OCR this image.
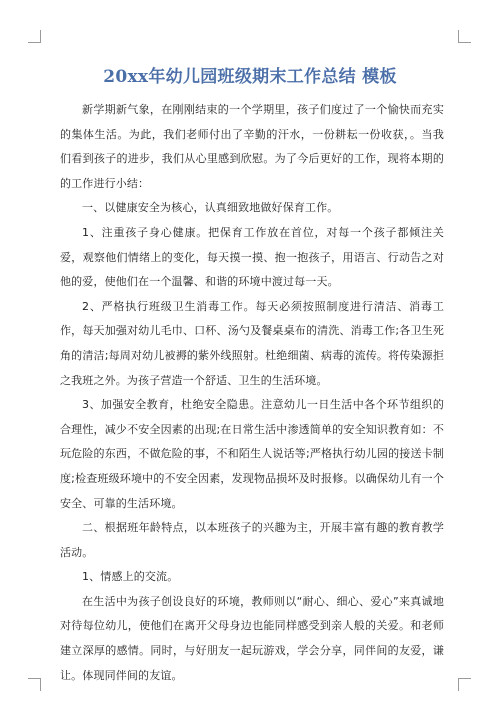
20xx年幼儿园班级期末工作总结 模板

新学期新气象，在刚刚结束的一个学期里，孩子们度过了一个愉快而充实的集体生活。为此，我们老师付出了辛勤的汗水，一份耕耘一份收获，。当我们看到孩子的进步，我们从心里感到欣慰。为了今后更好的工作，现将本期的的工作进行小结：

一、以健康安全为核心，认真细致地做好保育工作。

1、注重孩子身心健康。把保育工作放在首位，对每一个孩子都倾注关爱，观察他们情绪上的变化，每天摸一摸、抱一抱孩子，用语言、行动告之对他的爱，使他们在一个温馨、和谐的环境中渡过每一天。

2、严格执行班级卫生消毒工作。每天必须按照制度进行清洁、消毒工作，每天加强对幼儿毛巾、口杯、汤勺及餐桌桌布的清洗、消毒工作;各卫生死角的清洁;每周对幼儿被褥的紫外线照射。杜绝细菌、病毒的流传。将传染源拒之我班之外。为孩子营造一个舒适、卫生的生活环境。

3、加强安全教育，杜绝安全隐患。注意幼儿一日生活中各个环节组织的合理性，减少不安全因素的出现;在日常生活中渗透简单的安全知识教育如：不玩危险的东西，不做危险的事，不和陌生人说话等;严格执行幼儿园的接送卡制度;检查班级环境中的不安全因素，发现物品损坏及时报修。以确保幼儿有一个安全、可靠的生活环境。

二、根据班年龄特点，以本班孩子的兴趣为主，开展丰富有趣的教育教学活动。

1、情感上的交流。

在生活中为孩子创设良好的环境，教师则以“耐心、细心、爱心”来真诚地对待每位幼儿，使他们在离开父母身边也能同样感受到亲人般的关爱。和老师建立深厚的感情。同时，与好朋友一起玩游戏，学会分享，同伴间的友爱，谦让。体现同伴间的友谊。
